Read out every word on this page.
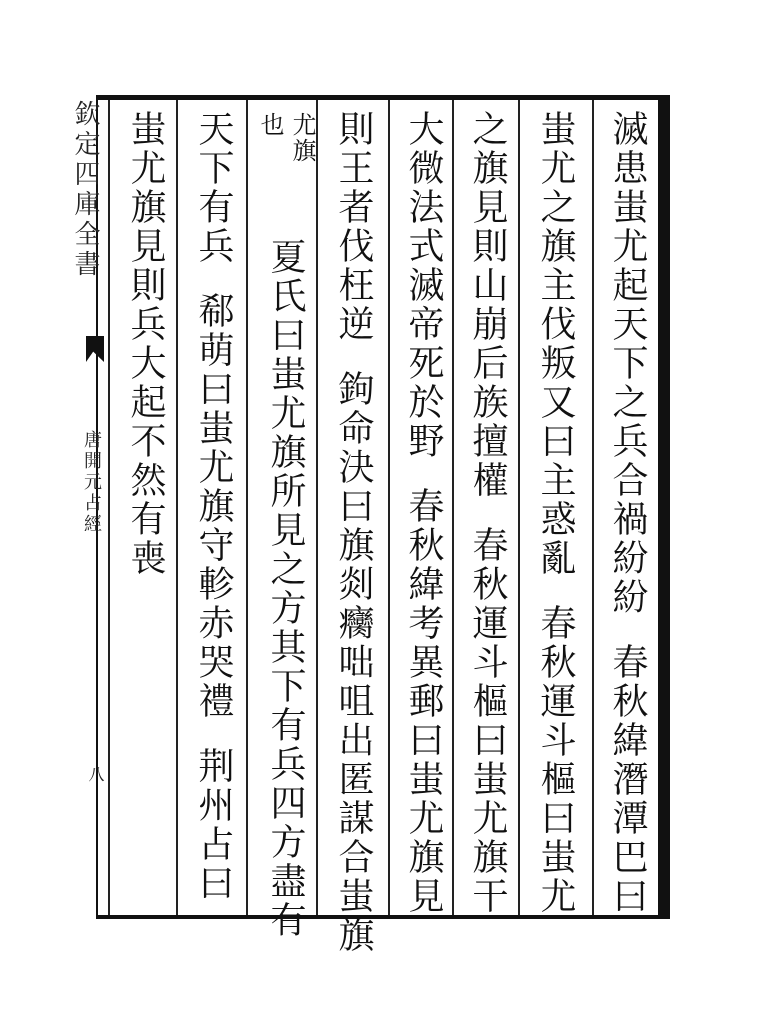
滅患蚩尤起天下之兵合禍紛紛春秋緯潛潭巴曰
蚩尤之旗主伐叛又曰主惑亂春秋運斗樞曰蚩尤
之旗見則山崩后族擅權春秋運斗樞曰蚩尤旗干
大微法式滅帝死於野春秋緯考異郵曰蚩尤旗見
則王者伐枉逆鉤命決曰旗剡癵咄咀出匿謀合蚩旗
尤旗
也
夏氏曰蚩尤旗所見之方其下有兵四方盡有
天下有兵郗萌曰蚩尤旗守軫赤哭禮荆州占曰
蚩尤旗見則兵大起不然有喪
欽定四庫全書
唐開元占經
八
